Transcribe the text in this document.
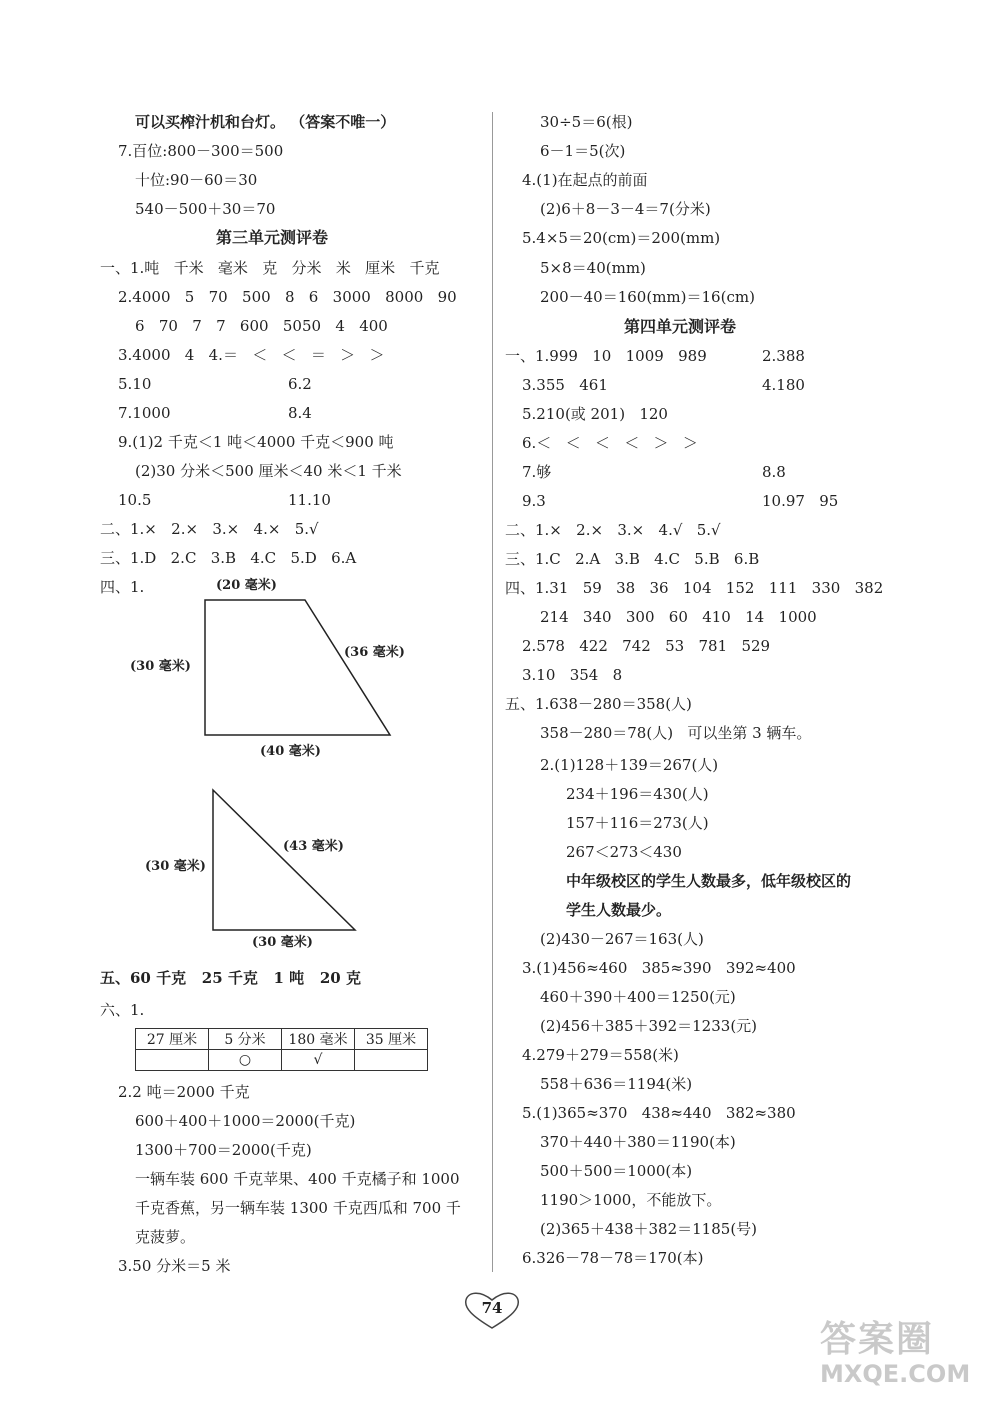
可以买榨汁机和台灯。 （答案不唯一）
7.百位:800－300＝500
十位:90－60＝30
540－500＋30＝70
第三单元测评卷
一、1.吨   千米   毫米   克   分米   米   厘米   千克
2.4000   5   70   500   8   6   3000   8000   90
6   70   7   7   600   5050   4   400
3.4000   4   4.＝   ＜   ＜   ＝   ＞   ＞
5.10	6.2
7.1000	8.4
9.(1)2 千克＜1 吨＜4000 千克＜900 吨
(2)30 分米＜500 厘米＜40 米＜1 千米
10.5	11.10
二、1.×   2.×   3.×   4.×   5.√
三、1.D   2.C   3.B   4.C   5.D   6.A
四、1.	(20 毫米)
(30 毫米)
(36 毫米)
(40 毫米)
(30 毫米)
(43 毫米)
(30 毫米)
五、60 千克   25 千克   1 吨   20 克
六、1.
27 厘米	5 分米	180 毫米	35 厘米
	○	√	
2.2 吨＝2000 千克
600＋400＋1000＝2000(千克)
1300＋700＝2000(千克)
一辆车装 600 千克苹果、400 千克橘子和 1000
千克香蕉，另一辆车装 1300 千克西瓜和 700 千
克菠萝。
3.50 分米＝5 米
30÷5＝6(根)
6－1＝5(次)
4.(1)在起点的前面
(2)6＋8－3－4＝7(分米)
5.4×5＝20(cm)＝200(mm)
5×8＝40(mm)
200－40＝160(mm)＝16(cm)
第四单元测评卷
一、1.999   10   1009   989	2.388
3.355   461	4.180
5.210(或 201)   120
6.＜   ＜   ＜   ＜   ＞   ＞
7.够	8.8
9.3	10.97   95
二、1.×   2.×   3.×   4.√   5.√
三、1.C   2.A   3.B   4.C   5.B   6.B
四、1.31   59   38   36   104   152   111   330   382
214   340   300   60   410   14   1000
2.578   422   742   53   781   529
3.10   354   8
五、1.638－280＝358(人)
358－280＝78(人)   可以坐第 3 辆车。
2.(1)128＋139＝267(人)
234＋196＝430(人)
157＋116＝273(人)
267＜273＜430
中年级校区的学生人数最多，低年级校区的
学生人数最少。
(2)430－267＝163(人)
3.(1)456≈460   385≈390   392≈400
460＋390＋400＝1250(元)
(2)456＋385＋392＝1233(元)
4.279＋279＝558(米)
558＋636＝1194(米)
5.(1)365≈370   438≈440   382≈380
370＋440＋380＝1190(本)
500＋500＝1000(本)
1190＞1000，不能放下。
(2)365＋438＋382＝1185(号)
6.326－78－78＝170(本)
74
答案圈
MXQE.COM
